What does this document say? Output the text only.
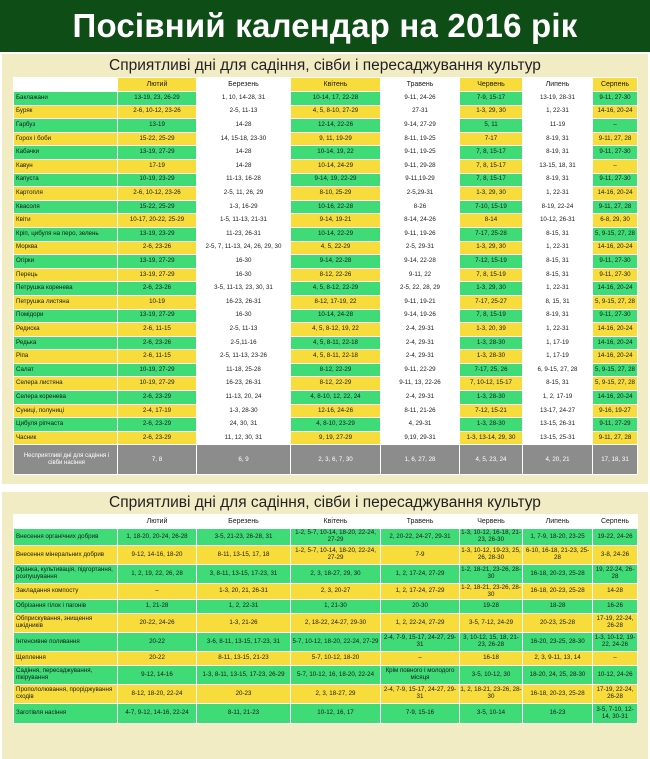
Посівний календар на 2016 рік
Сприятливі дні для садіння, сівби і пересаджування культур
	Лютий	Березень	Квітень	Травень	Червень	Липень	Серпень
Баклажани	13-19, 23, 26-29	1, 10, 14-28, 31	10-14, 17, 22-28	9-11, 24-26	7-9, 15-17	13-19, 28-31	9-11, 27-30
Буряк	2-6, 10-12, 23-26	2-5, 11-13	4, 5, 8-10, 27-29	27-31	1-3, 29, 30	1, 22-31	14-16, 20-24
Гарбуз	13-19	14-28	12-14, 22-26	9-14, 27-29	5, 11	11-19	–
Горох і боби	15-22, 25-29	14, 15-18, 23-30	9, 11, 19-29	8-11, 19-25	7-17	8-19, 31	9-11, 27, 28
Кабачки	13-19, 27-29	14-28	10-14, 19, 22	9-11, 19-25	7, 8, 15-17	8-19, 31	9-11, 27-30
Кавун	17-19	14-28	10-14, 24-29	9-11, 29-28	7, 8, 15-17	13-15, 18, 31	–
Капуста	10-19, 23-29	11-13, 16-28	9-14, 19, 22-29	9-11,19-29	7, 8, 15-17	8-19, 31	9-11, 27-30
Картопля	2-6, 10-12, 23-26	2-5, 11, 26, 29	8-10, 25-29	2-5,29-31	1-3, 29, 30	1, 22-31	14-16, 20-24
Квасоля	15-22, 25-29	1-3, 16-29	10-16, 22-28	8-26	7-10, 15-19	8-19, 22-24	9-11, 27, 28
Квіти	10-17, 20-22, 25-29	1-5, 11-13, 21-31	9-14, 19-21	8-14, 24-26	8-14	10-12, 26-31	6-8, 29, 30
Кріп, цибуля на перо, зелень	13-19, 23-29	11-23, 26-31	10-14, 22-29	9-11, 19-26	7-17, 25-28	8-15, 31	5, 9-15, 27, 28
Морква	2-6, 23-26	2-5, 7, 11-13, 24, 26, 29, 30	4, 5, 22-29	2-5, 29-31	1-3, 29, 30	1, 22-31	14-16, 20-24
Огірки	13-19, 27-29	16-30	9-14, 22-28	9-14, 22-28	7-12, 15-19	8-15, 31	9-11, 27-30
Перець	13-19, 27-29	16-30	8-12, 22-26	9-11, 22	7, 8, 15-19	8-15, 31	9-11, 27-30
Петрушка коренева	2-6, 23-26	3-5, 11-13, 23, 30, 31	4, 5, 8-12, 22-29	2-5, 22, 28, 29	1-3, 29, 30	1, 22-31	14-16, 20-24
Петрушка листяна	10-19	16-23, 26-31	8-12, 17-19, 22	9-11, 19-21	7-17, 25-27	8, 15, 31	5, 9-15, 27, 28
Помідори	13-19, 27-29	16-30	10-14, 24-28	9-14, 19-26	7, 8, 15-19	8-19, 31	9-11, 27-30
Редиска	2-6, 11-15	2-5, 11-13	4, 5, 8-12, 19, 22	2-4, 29-31	1-3, 20, 39	1, 22-31	14-16, 20-24
Редька	2-6, 23-26	2-5,11-16	4, 5, 8-11, 22-18	2-4, 29-31	1-3, 28-30	1, 17-19	14-16, 20-24
Ріпа	2-6, 11-15	2-5, 11-13, 23-26	4, 5, 8-11, 22-18	2-4, 29-31	1-3, 28-30	1, 17-19	14-16, 20-24
Салат	10-19, 27-29	11-18, 25-28	8-12, 22-29	9-11, 22-29	7-17, 25, 26	6, 9-15, 27, 28	5, 9-15, 27, 28
Селера листяна	10-19, 27-29	16-23, 26-31	8-12, 22-29	9-11, 13, 22-26	7, 10-12, 15-17	8-15, 31	5, 9-15, 27, 28
Селера коренева	2-6, 23-29	11-13, 20, 24	4, 8-10, 12, 22, 24	2-4, 29-31	1-3, 28-30	1, 2, 17-19	14-16, 20-24
Суниці, полуниці	2-4, 17-19	1-3, 28-30	12-16, 24-26	8-11, 21-26	7-12, 15-21	13-17, 24-27	9-16, 19-27
Цибуля ріпчаста	2-6, 23-29	24, 30, 31	4, 8-10, 23-29	4, 29-31	1-3, 28-30	13-15, 26-31	9-11, 27-29
Часник	2-6, 23-29	11, 12, 30, 31	9, 19, 27-29	9,19, 29-31	1-3, 13-14, 29, 30	13-15, 25-31	9-11, 27, 28
Несприятливі дні для садіння і сівби насіння	7, 8	6, 9	2, 3, 6, 7, 30	1, 6, 27, 28	4, 5, 23, 24	4, 20, 21	17, 18, 31
Сприятливі дні для садіння, сівби і пересаджування культур
	Лютий	Березень	Квітень	Травень	Червень	Липень	Серпень
Внесення органічних добрив	1, 18-20, 20-24, 26-28	3-5, 21-23, 26-28, 31	1-2, 5-7, 10-14, 18-20, 22-24, 27-29	2, 20-22, 24-27, 29-31	1-3, 10-12, 16-18, 21-23, 26-30	1, 7-9, 18-20, 23-25	19-22, 24-26
Внесення мінеральних добрив	9-12, 14-16, 18-20	8-11, 13-15, 17, 18	1-2, 5-7, 10-14, 18-20, 22-24, 27-29	7-9	1-3, 10-12, 19-23, 25, 26, 28-30	6-10, 16-18, 21-23, 25-28	3-8, 24-26
Оранка, культивація, підгортання, розпушування	1, 2, 19, 22, 26, 28	3, 8-11, 13-15, 17-23, 31	2, 3, 18-27, 29, 30	1, 2, 17-24, 27-29	1-2, 18-21, 23-26, 28-30	16-18, 20-23, 25-28	19, 22-24, 26-28
Закладання компосту	–	1-3, 20, 21, 26-31	2, 3, 20-27	1, 2, 17-24, 27-29	1-2, 18-21, 23-26, 28-30	16-18, 20-23, 25-28	14-28
Обрізання гілок і пагонів	1, 21-28	1, 2, 22-31	1, 21-30	20-30	19-28	18-28	16-26
Обприскування, знищення шкідників	20-22, 24-26	1-3, 21-26	2, 18-22, 24-27, 29-30	1, 2, 22-24, 27-29	3-5, 7-12, 24-29	20-23, 25-28	17-19, 22-24, 26-28
Інтенсивне поливання	20-22	3-6, 8-11, 13-15, 17-23, 31	5-7, 10-12, 18-20, 22-24, 27-29	2-4, 7-9, 15-17, 24-27, 29-31	3, 10-12, 15, 18, 21-23, 26-28	16-20, 23-25, 28-30	1-3, 10-12, 19-22, 24-26
Щеплення	20-22	8-11, 13-15, 21-23	5-7, 10-12, 18-20	–	16-18	2, 3, 9-11, 13, 14	–
Садіння, пересаджування, пікірування	9-12, 14-16	1-3, 8-11, 13-15, 17-23, 26-29	5-7, 10-12, 16, 18-20, 22-24	Крім повного і молодого місяця	3-5, 10-12, 30	18-20, 24, 25, 28-30	10-12, 24-26
Пропололювання, проріджування сходів	8-12, 18-20, 22-24	20-23	2, 3, 18-27, 29	2-4, 7-9, 15-17, 24-27, 29-31	1, 2, 18-21, 23-26, 28-30	16-18, 20-23, 25-28	17-19, 22-24, 26-28
Заготівля насіння	4-7, 9-12, 14-16, 22-24	8-11, 21-23	10-12, 16, 17	7-9, 15-16	3-5, 10-14	16-23	3-5, 7-10, 12-14, 30-31
